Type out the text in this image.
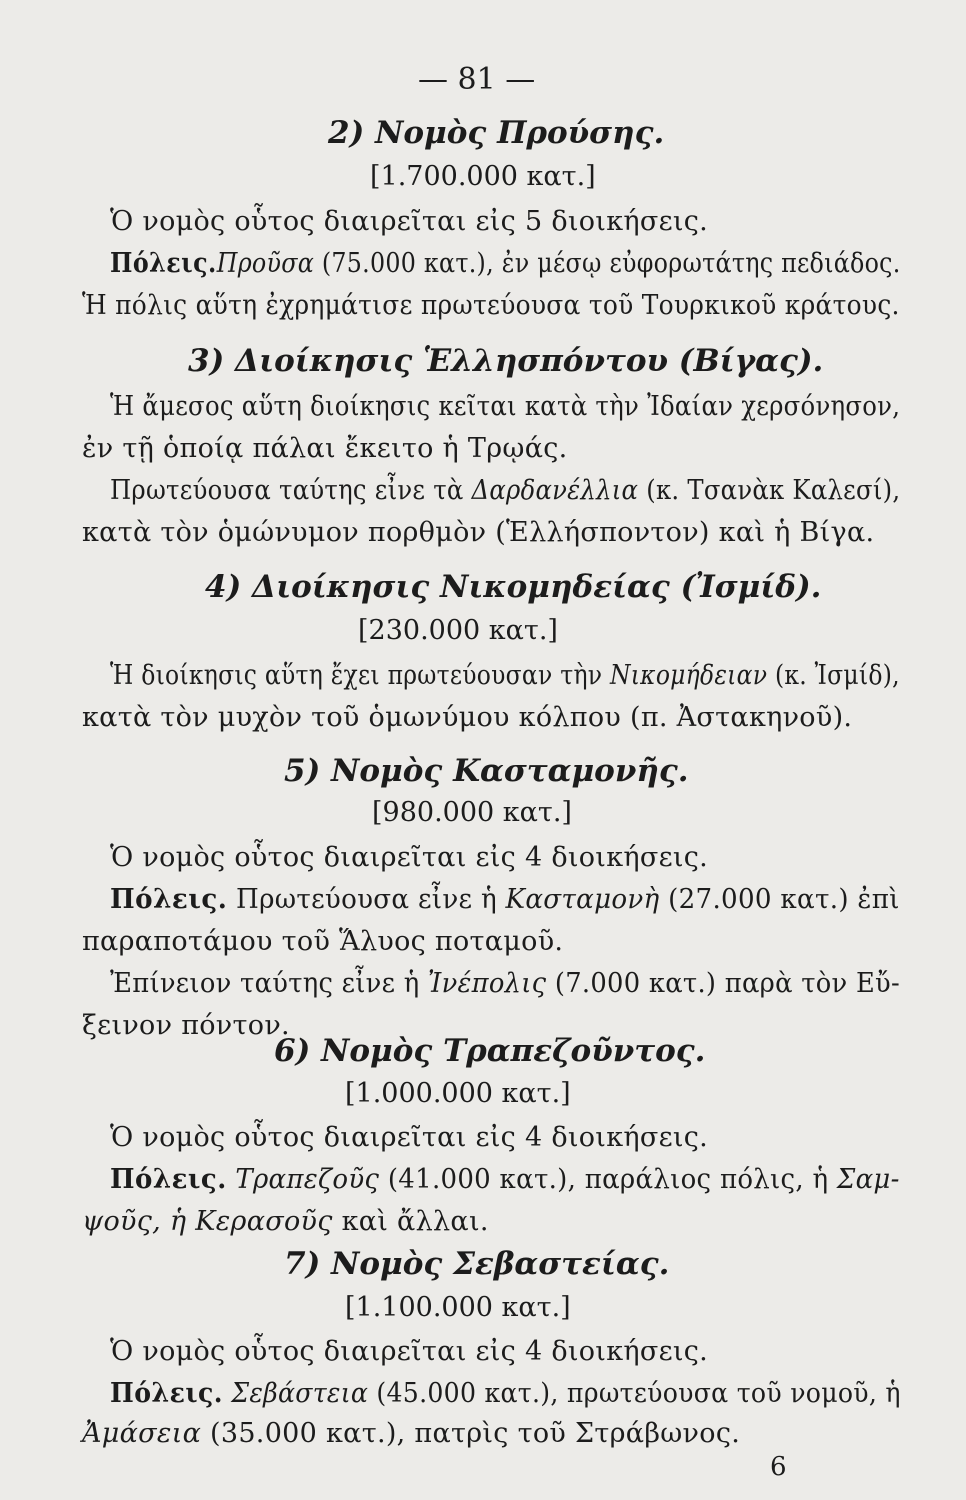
— 81 —
2) Νομὸς Προύσης.
[1.700.000 κατ.]
Ὁ νομὸς οὗτος διαιρεῖται εἰς 5 διοικήσεις.
Πόλεις.Προῦσα (75.000 κατ.), ἐν μέσῳ εὐφορωτάτης πεδιάδος.
Ἡ πόλις αὕτη ἐχρημάτισε πρωτεύουσα τοῦ Τουρκικοῦ κράτους.
3) Διοίκησις Ἑλλησπόντου (Βίγας).
Ἡ ἄμεσος αὕτη διοίκησις κεῖται κατὰ τὴν Ἰδαίαν χερσόνησον,
ἐν τῇ ὁποίᾳ πάλαι ἔκειτο ἡ Τρῳάς.
Πρωτεύουσα ταύτης εἶνε τὰ Δαρδανέλλια (κ. Τσανὰκ Καλεσί),
κατὰ τὸν ὁμώνυμον πορθμὸν (Ἑλλήσποντον) καὶ ἡ Βίγα.
4) Διοίκησις Νικομηδείας (Ἰσμίδ).
[230.000 κατ.]
Ἡ διοίκησις αὕτη ἔχει πρωτεύουσαν τὴν Νικομήδειαν (κ. Ἰσμίδ),
κατὰ τὸν μυχὸν τοῦ ὁμωνύμου κόλπου (π. Ἀστακηνοῦ).
5) Νομὸς Κασταμονῆς.
[980.000 κατ.]
Ὁ νομὸς οὗτος διαιρεῖται εἰς 4 διοικήσεις.
Πόλεις. Πρωτεύουσα εἶνε ἡ Κασταμονὴ (27.000 κατ.) ἐπὶ
παραποτάμου τοῦ Ἅλυος ποταμοῦ.
Ἐπίνειον ταύτης εἶνε ἡ Ἰνέπολις (7.000 κατ.) παρὰ τὸν Εὔ-
ξεινον πόντον.
6) Νομὸς Τραπεζοῦντος.
[1.000.000 κατ.]
Ὁ νομὸς οὗτος διαιρεῖται εἰς 4 διοικήσεις.
Πόλεις. Τραπεζοῦς (41.000 κατ.), παράλιος πόλις, ἡ Σαμ-
ψοῦς, ἡ Κερασοῦς καὶ ἄλλαι.
7) Νομὸς Σεβαστείας.
[1.100.000 κατ.]
Ὁ νομὸς οὗτος διαιρεῖται εἰς 4 διοικήσεις.
Πόλεις. Σεβάστεια (45.000 κατ.), πρωτεύουσα τοῦ νομοῦ, ἡ
Ἀμάσεια (35.000 κατ.), πατρὶς τοῦ Στράβωνος.
6
